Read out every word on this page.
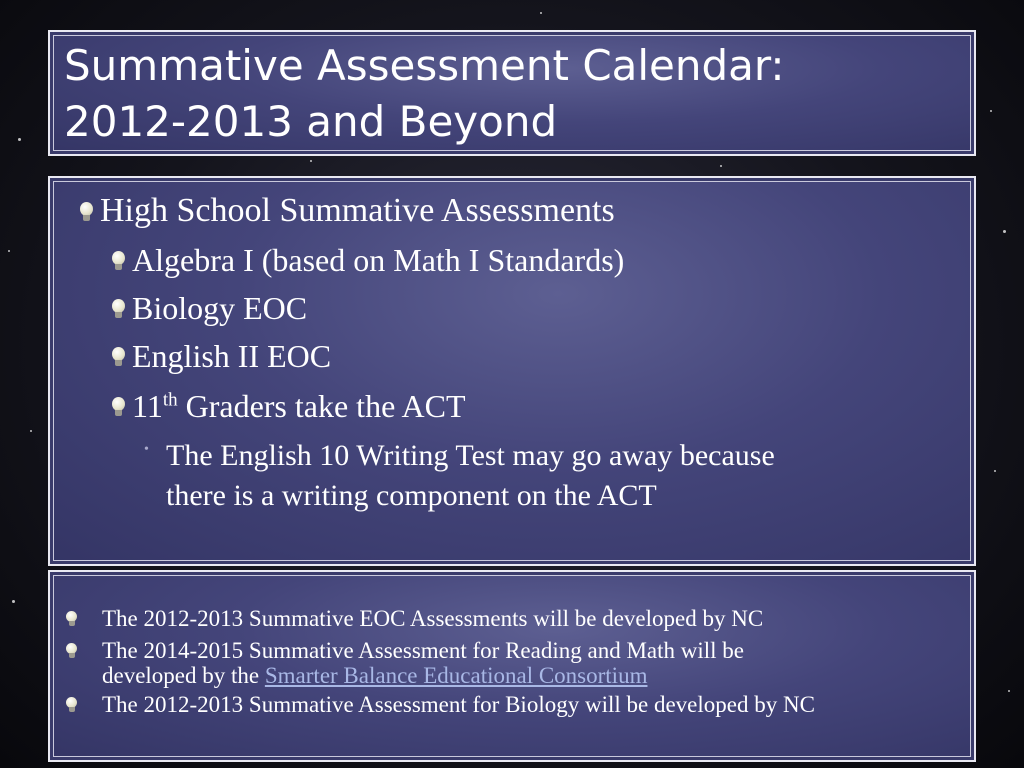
Summative Assessment Calendar:
2012-2013 and Beyond
High School Summative Assessments
Algebra I (based on Math I Standards)
Biology EOC
English II EOC
11th Graders take the ACT
• The English 10 Writing Test may go away because
there is a writing component on the ACT
The 2012-2013 Summative EOC Assessments will be developed by NC
The 2014-2015 Summative Assessment for Reading and Math will be
developed by the Smarter Balance Educational Consortium
The 2012-2013 Summative Assessment for Biology will be developed by NC
